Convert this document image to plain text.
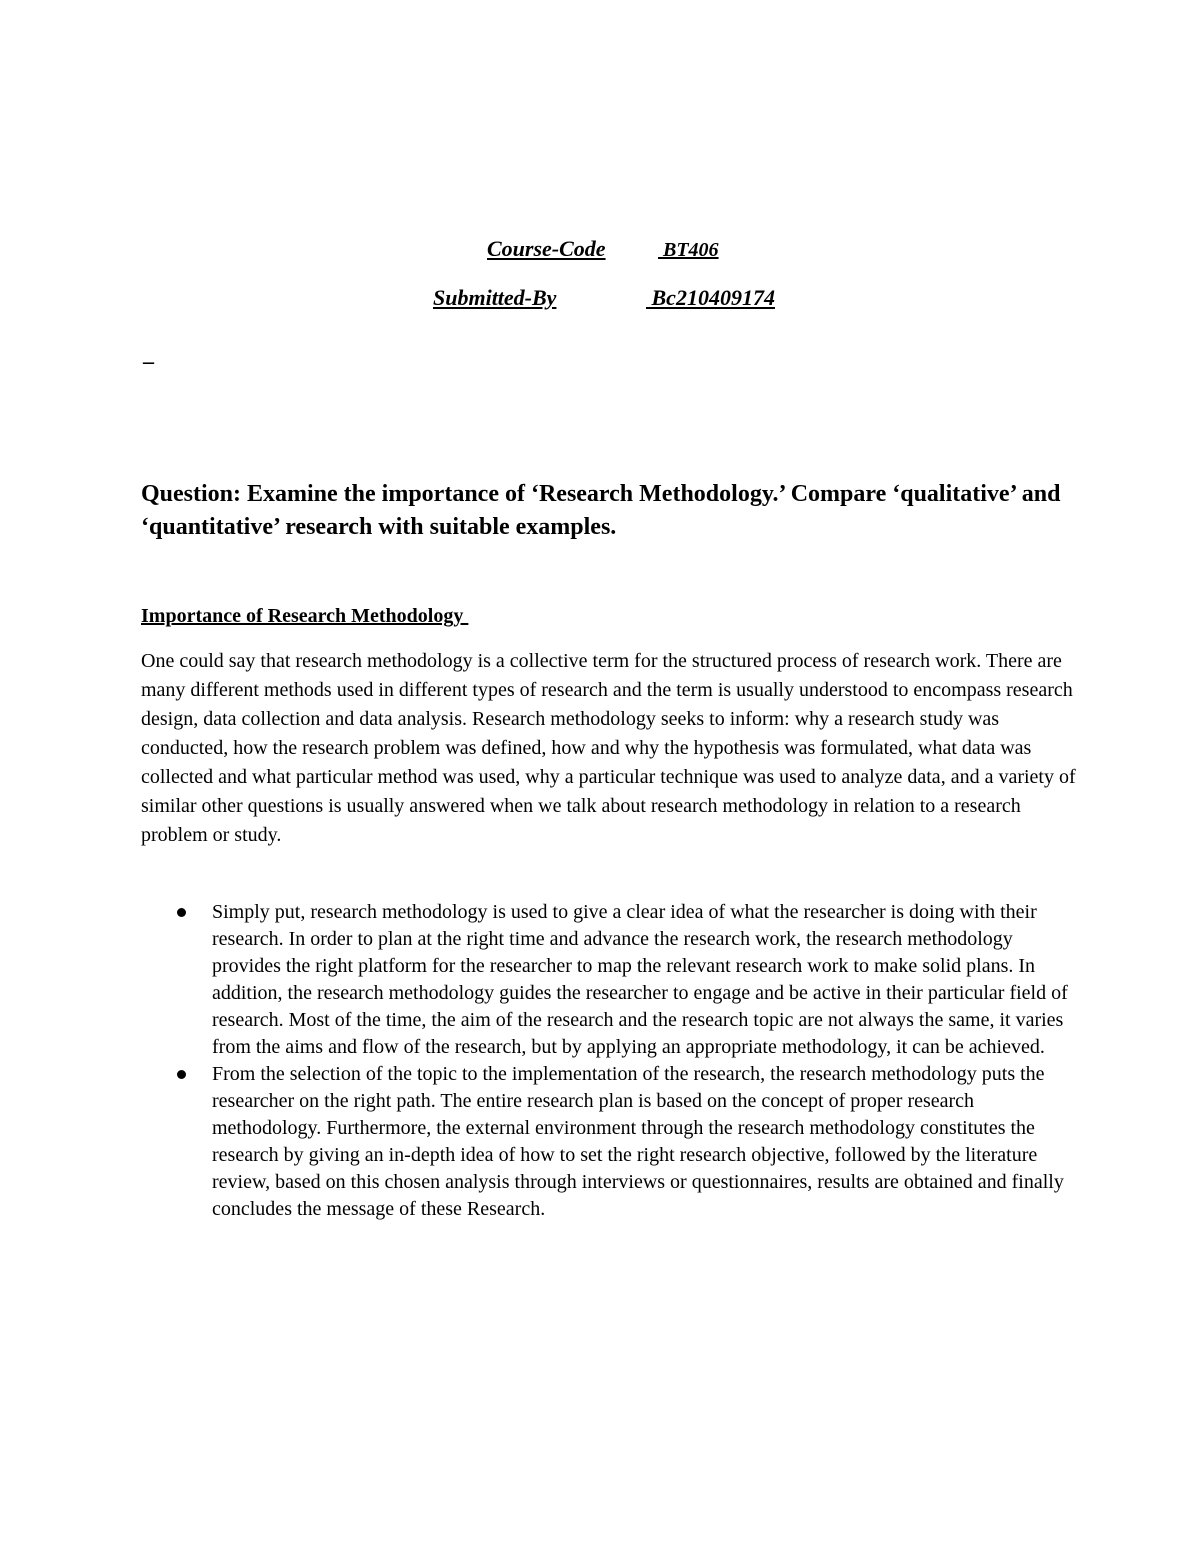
Course-Code	BT406
Submitted-By	Bc210409174
_

Question: Examine the importance of ‘Research Methodology.’ Compare ‘qualitative’ and ‘quantitative’ research with suitable examples.

Importance of Research Methodology

One could say that research methodology is a collective term for the structured process of research work. There are many different methods used in different types of research and the term is usually understood to encompass research design, data collection and data analysis. Research methodology seeks to inform: why a research study was conducted, how the research problem was defined, how and why the hypothesis was formulated, what data was collected and what particular method was used, why a particular technique was used to analyze data, and a variety of similar other questions is usually answered when we talk about research methodology in relation to a research problem or study.

Simply put, research methodology is used to give a clear idea of what the researcher is doing with their research. In order to plan at the right time and advance the research work, the research methodology provides the right platform for the researcher to map the relevant research work to make solid plans. In addition, the research methodology guides the researcher to engage and be active in their particular field of research. Most of the time, the aim of the research and the research topic are not always the same, it varies from the aims and flow of the research, but by applying an appropriate methodology, it can be achieved.
From the selection of the topic to the implementation of the research, the research methodology puts the researcher on the right path. The entire research plan is based on the concept of proper research methodology. Furthermore, the external environment through the research methodology constitutes the research by giving an in-depth idea of how to set the right research objective, followed by the literature review, based on this chosen analysis through interviews or questionnaires, results are obtained and finally concludes the message of these Research.
